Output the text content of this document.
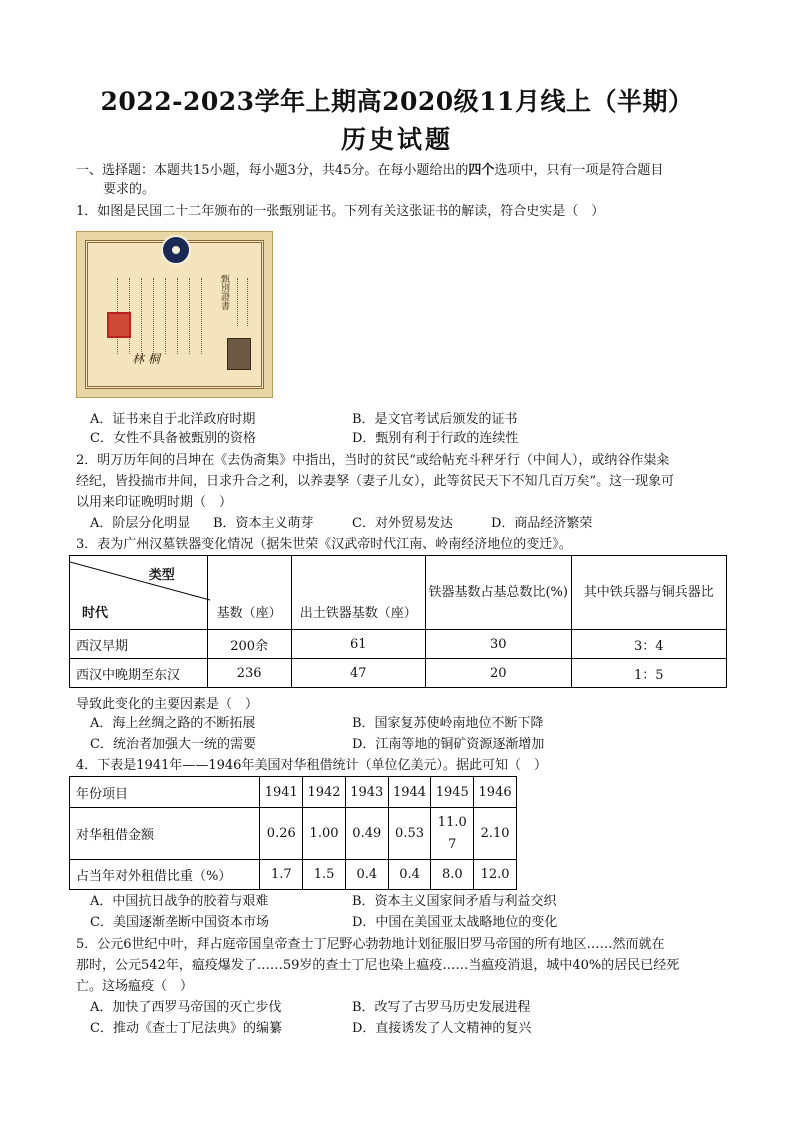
2022-2023学年上期高2020级11月线上（半期）
历史试题
一、选择题：本题共15小题，每小题3分，共45分。在每小题给出的四个选项中，只有一项是符合题目
要求的。
1．如图是民国二十二年颁布的一张甄别证书。下列有关这张证书的解读，符合史实是（　）
甄別證書
林 桐
A．证书来自于北洋政府时期	B．是文官考试后颁发的证书
C．女性不具备被甄别的资格	D．甄别有利于行政的连续性
2．明万历年间的吕坤在《去伪斋集》中指出，当时的贫民“或给帖充斗秤牙行（中间人），或纳谷作粜籴
经纪，皆投揣市井间，日求升合之利，以养妻孥（妻子儿女），此等贫民天下不知几百万矣”。这一现象可
以用来印证晚明时期（　）
A．阶层分化明显 B．资本主义萌芽	C．对外贸易发达	D．商品经济繁荣
3．表为广州汉墓铁器变化情况（据朱世荣《汉武帝时代江南、岭南经济地位的变迁》。
类型
时代	基数（座）	出土铁器基数（座）	铁器基数占基总数比(%)	其中铁兵器与铜兵器比
西汉早期	200余	61	30	3：4
西汉中晚期至东汉	236	47	20	1：5
导致此变化的主要因素是（　）
A．海上丝绸之路的不断拓展	B．国家复苏使岭南地位不断下降
C．统治者加强大一统的需要	D．江南等地的铜矿资源逐渐增加
4．下表是1941年——1946年美国对华租借统计（单位亿美元）。据此可知（　）
年份项目	1941	1942	1943	1944	1945	1946
对华租借金额	0.26	1.00	0.49	0.53	11.07	2.10
占当年对外租借比重（%）	1.7	1.5	0.4	0.4	8.0	12.0
A．中国抗日战争的胶着与艰难	B．资本主义国家间矛盾与利益交织
C．美国逐渐垄断中国资本市场	D．中国在美国亚太战略地位的变化
5．公元6世纪中叶，拜占庭帝国皇帝查士丁尼野心勃勃地计划征服旧罗马帝国的所有地区……然而就在
那时，公元542年，瘟疫爆发了……59岁的查士丁尼也染上瘟疫……当瘟疫消退，城中40%的居民已经死
亡。这场瘟疫（　）
A．加快了西罗马帝国的灭亡步伐	B．改写了古罗马历史发展进程
C．推动《查士丁尼法典》的编纂	D．直接诱发了人文精神的复兴
